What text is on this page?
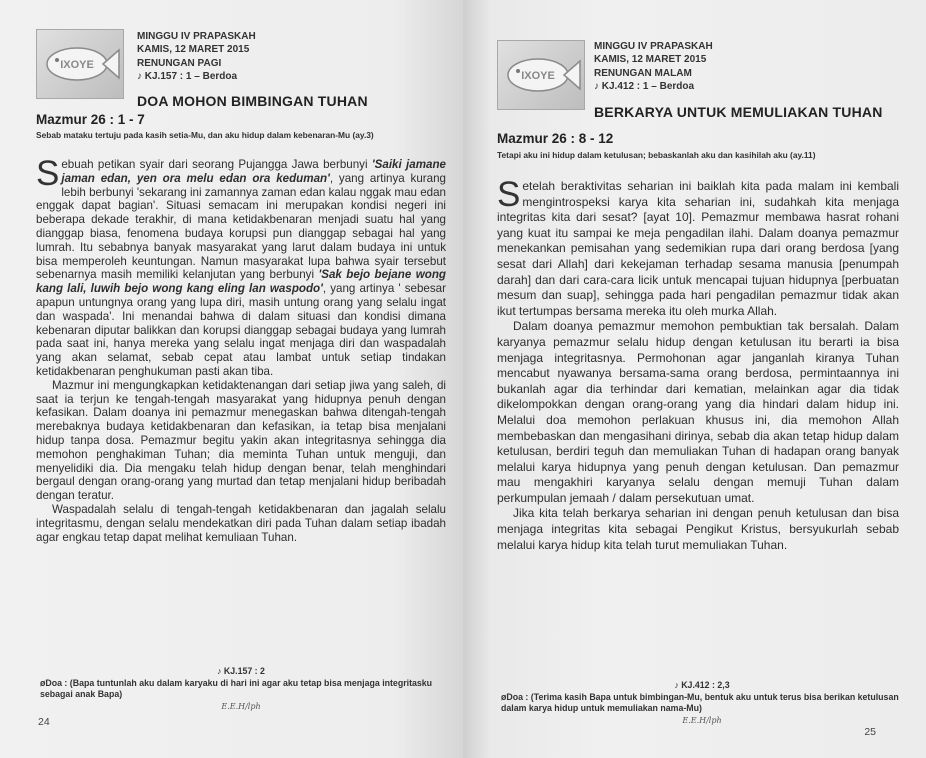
IXOYE
MINGGU IV PRAPASKAH
KAMIS, 12 MARET 2015
RENUNGAN PAGI
♪ KJ.157 : 1 – Berdoa
DOA MOHON BIMBINGAN TUHAN
Mazmur 26 : 1 - 7
Sebab mataku tertuju pada kasih setia-Mu, dan aku hidup dalam kebenaran-Mu (ay.3)

Sebuah petikan syair dari seorang Pujangga Jawa berbunyi 'Saiki jamane jaman edan, yen ora melu edan ora keduman', yang artinya kurang lebih berbunyi 'sekarang ini zamannya zaman edan kalau nggak mau edan enggak dapat bagian'. Situasi semacam ini merupakan kondisi negeri ini beberapa dekade terakhir, di mana ketidakbenaran menjadi suatu hal yang dianggap biasa, fenomena budaya korupsi pun dianggap sebagai hal yang lumrah. Itu sebabnya banyak masyarakat yang larut dalam budaya ini untuk bisa memperoleh keuntungan. Namun masyarakat lupa bahwa syair tersebut sebenarnya masih memiliki kelanjutan yang berbunyi 'Sak bejo bejane wong kang lali, luwih bejo wong kang eling lan waspodo', yang artinya ' sebesar apapun untungnya orang yang lupa diri, masih untung orang yang selalu ingat dan waspada'. Ini menandai bahwa di dalam situasi dan kondisi dimana kebenaran diputar balikkan dan korupsi dianggap sebagai budaya yang lumrah pada saat ini, hanya mereka yang selalu ingat menjaga diri dan waspadalah yang akan selamat, sebab cepat atau lambat untuk setiap tindakan ketidakbenaran penghukuman pasti akan tiba.

Mazmur ini mengungkapkan ketidaktenangan dari setiap jiwa yang saleh, di saat ia terjun ke tengah-tengah masyarakat yang hidupnya penuh dengan kefasikan. Dalam doanya ini pemazmur menegaskan bahwa ditengah-tengah merebaknya budaya ketidakbenaran dan kefasikan, ia tetap bisa menjalani hidup tanpa dosa. Pemazmur begitu yakin akan integritasnya sehingga dia memohon penghakiman Tuhan; dia meminta Tuhan untuk menguji, dan menyelidiki dia. Dia mengaku telah hidup dengan benar, telah menghindari bergaul dengan orang-orang yang murtad dan tetap menjalani hidup beribadah dengan teratur.

Waspadalah selalu di tengah-tengah ketidakbenaran dan jagalah selalu integritasmu, dengan selalu mendekatkan diri pada Tuhan dalam setiap ibadah agar engkau tetap dapat melihat kemuliaan Tuhan.

♪ KJ.157 : 2
øDoa : (Bapa tuntunlah aku dalam karyaku di hari ini agar aku tetap bisa menjaga integritasku sebagai anak Bapa)
E.E.H/lph
24
IXOYE
MINGGU IV PRAPASKAH
KAMIS, 12 MARET 2015
RENUNGAN MALAM
♪ KJ.412 : 1 – Berdoa
BERKARYA UNTUK MEMULIAKAN TUHAN
Mazmur 26 : 8 - 12
Tetapi aku ini hidup dalam ketulusan; bebaskanlah aku dan kasihilah aku (ay.11)

Setelah beraktivitas seharian ini baiklah kita pada malam ini kembali mengintrospeksi karya kita seharian ini, sudahkah kita menjaga integritas kita dari sesat? [ayat 10]. Pemazmur membawa hasrat rohani yang kuat itu sampai ke meja pengadilan ilahi. Dalam doanya pemazmur menekankan pemisahan yang sedemikian rupa dari orang berdosa [yang sesat dari Allah] dari kekejaman terhadap sesama manusia [penumpah darah] dan dari cara-cara licik untuk mencapai tujuan hidupnya [perbuatan mesum dan suap], sehingga pada hari pengadilan pemazmur tidak akan ikut tertumpas bersama mereka itu oleh murka Allah.

Dalam doanya pemazmur memohon pembuktian tak bersalah. Dalam karyanya pemazmur selalu hidup dengan ketulusan itu berarti ia bisa menjaga integritasnya. Permohonan agar janganlah kiranya Tuhan mencabut nyawanya bersama-sama orang berdosa, permintaannya ini bukanlah agar dia terhindar dari kematian, melainkan agar dia tidak dikelompokkan dengan orang-orang yang dia hindari dalam hidup ini. Melalui doa memohon perlakuan khusus ini, dia memohon Allah membebaskan dan mengasihani dirinya, sebab dia akan tetap hidup dalam ketulusan, berdiri teguh dan memuliakan Tuhan di hadapan orang banyak melalui karya hidupnya yang penuh dengan ketulusan. Dan pemazmur mau mengakhiri karyanya selalu dengan memuji Tuhan dalam perkumpulan jemaah / dalam persekutuan umat.

Jika kita telah berkarya seharian ini dengan penuh ketulusan dan bisa menjaga integritas kita sebagai Pengikut Kristus, bersyukurlah sebab melalui karya hidup kita telah turut memuliakan Tuhan.

♪ KJ.412 : 2,3
øDoa : (Terima kasih Bapa untuk bimbingan-Mu, bentuk aku untuk terus bisa berikan ketulusan dalam karya hidup untuk memuliakan nama-Mu)
E.E.H/lph
25
